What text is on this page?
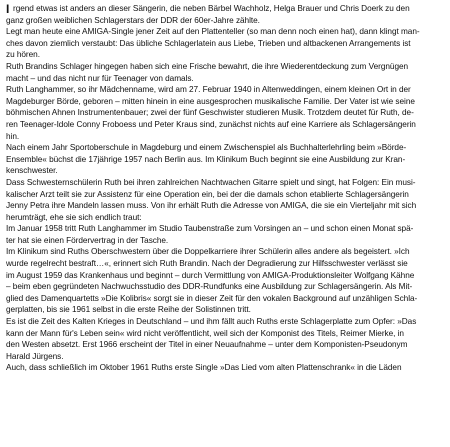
I rgend etwas ist anders an dieser Sängerin, die neben Bärbel Wachholz, Helga Brauer und Chris Doerk zu den
ganz großen weiblichen Schlagerstars der DDR der 60er-Jahre zählte.
Legt man heute eine AMIGA-Single jener Zeit auf den Plattenteller (so man denn noch einen hat), dann klingt man-
ches davon ziemlich verstaubt: Das übliche Schlagerlatein aus Liebe, Trieben und altbackenen Arrangements ist
zu hören.
Ruth Brandins Schlager hingegen haben sich eine Frische bewahrt, die ihre Wiederentdeckung zum Vergnügen
macht – und das nicht nur für Teenager von damals.
Ruth Langhammer, so ihr Mädchenname, wird am 27. Februar 1940 in Altenweddingen, einem kleinen Ort in der
Magdeburger Börde, geboren – mitten hinein in eine ausgesprochen musikalische Familie. Der Vater ist wie seine
böhmischen Ahnen Instrumentenbauer; zwei der fünf Geschwister studieren Musik. Trotzdem deutet für Ruth, de-
ren Teenager-Idole Conny Froboess und Peter Kraus sind, zunächst nichts auf eine Karriere als Schlagersängerin
hin.
Nach einem Jahr Sportoberschule in Magdeburg und einem Zwischenspiel als Buchhalterlehrling beim »Börde-
Ensemble« büchst die 17jährige 1957 nach Berlin aus. Im Klinikum Buch beginnt sie eine Ausbildung zur Kran-
kenschwester.
Dass Schwesternschülerin Ruth bei ihren zahlreichen Nachtwachen Gitarre spielt und singt, hat Folgen: Ein musi-
kalischer Arzt teilt sie zur Assistenz für eine Operation ein, bei der die damals schon etablierte Schlagersängerin
Jenny Petra ihre Mandeln lassen muss. Von ihr erhält Ruth die Adresse von AMIGA, die sie ein Vierteljahr mit sich
herumträgt, ehe sie sich endlich traut:
Im Januar 1958 tritt Ruth Langhammer im Studio Taubenstraße zum Vorsingen an – und schon einen Monat spä-
ter hat sie einen Fördervertrag in der Tasche.
Im Klinikum sind Ruths Oberschwestern über die Doppelkarriere ihrer Schülerin alles andere als begeistert. »Ich
wurde regelrecht bestraft…«, erinnert sich Ruth Brandin. Nach der Degradierung zur Hilfsschwester verlässt sie
im August 1959 das Krankenhaus und beginnt – durch Vermittlung von AMIGA-Produktionsleiter Wolfgang Kähne
– beim eben gegründeten Nachwuchsstudio des DDR-Rundfunks eine Ausbildung zur Schlagersängerin. Als Mit-
glied des Damenquartetts »Die Kolibris« sorgt sie in dieser Zeit für den vokalen Background auf unzähligen Schla-
gerplatten, bis sie 1961 selbst in die erste Reihe der Solistinnen tritt.
Es ist die Zeit des Kalten Krieges in Deutschland – und ihm fällt auch Ruths erste Schlagerplatte zum Opfer: »Das
kann der Mann für's Leben sein« wird nicht veröffentlicht, weil sich der Komponist des Titels, Reimer Mierke, in
den Westen absetzt. Erst 1966 erscheint der Titel in einer Neuaufnahme – unter dem Komponisten-Pseudonym
Harald Jürgens.
Auch, dass schließlich im Oktober 1961 Ruths erste Single »Das Lied vom alten Plattenschrank« in die Läden
